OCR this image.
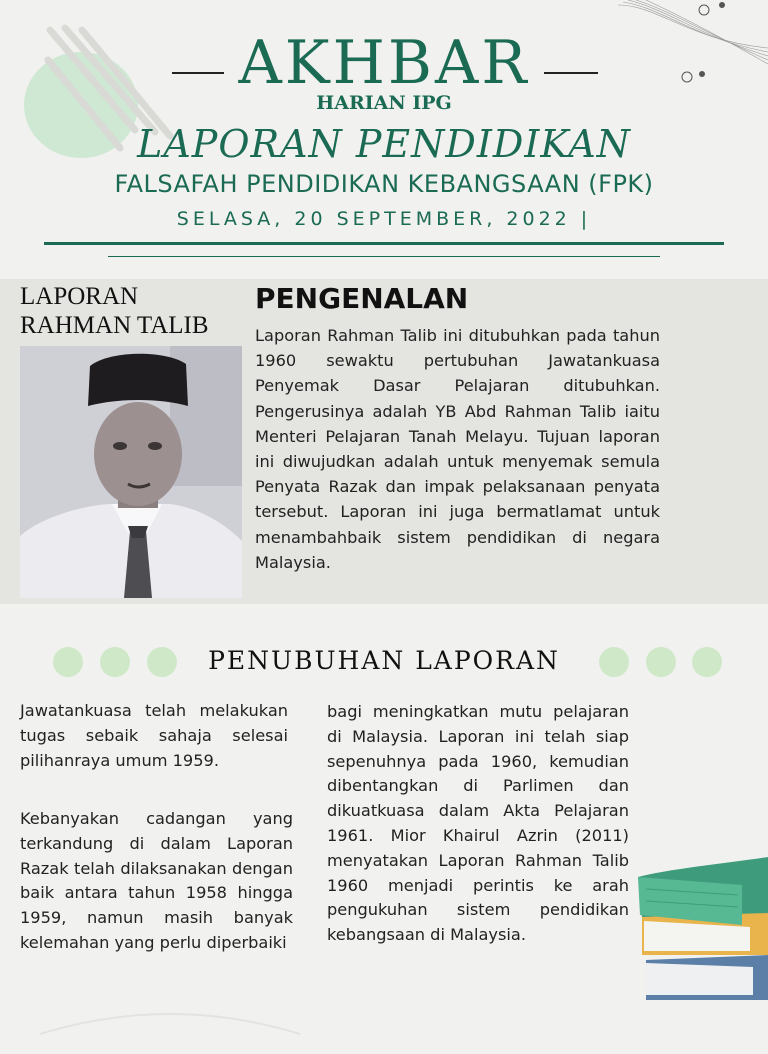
AKHBAR
HARIAN IPG
LAPORAN PENDIDIKAN
FALSAFAH PENDIDIKAN KEBANGSAAN (FPK)
SELASA, 20 SEPTEMBER, 2022 |
LAPORAN
RAHMAN TALIB
PENGENALAN
Laporan Rahman Talib ini ditubuhkan pada tahun 1960 sewaktu pertubuhan Jawatankuasa Penyemak Dasar Pelajaran ditubuhkan. Pengerusinya adalah YB Abd Rahman Talib iaitu Menteri Pelajaran Tanah Melayu. Tujuan laporan ini diwujudkan adalah untuk menyemak semula Penyata Razak dan impak pelaksanaan penyata tersebut. Laporan ini juga bermatlamat untuk menambahbaik sistem pendidikan di negara Malaysia.
PENUBUHAN LAPORAN
Jawatankuasa telah melakukan tugas sebaik sahaja selesai pilihanraya umum 1959.
Kebanyakan cadangan yang terkandung di dalam Laporan Razak telah dilaksanakan dengan baik antara tahun 1958 hingga 1959, namun masih banyak kelemahan yang perlu diperbaiki
bagi meningkatkan mutu pelajaran di Malaysia. Laporan ini telah siap sepenuhnya pada 1960, kemudian dibentangkan di Parlimen dan dikuatkuasa dalam Akta Pelajaran 1961. Mior Khairul Azrin (2011) menyatakan Laporan Rahman Talib 1960 menjadi perintis ke arah pengukuhan sistem pendidikan kebangsaan di Malaysia.
